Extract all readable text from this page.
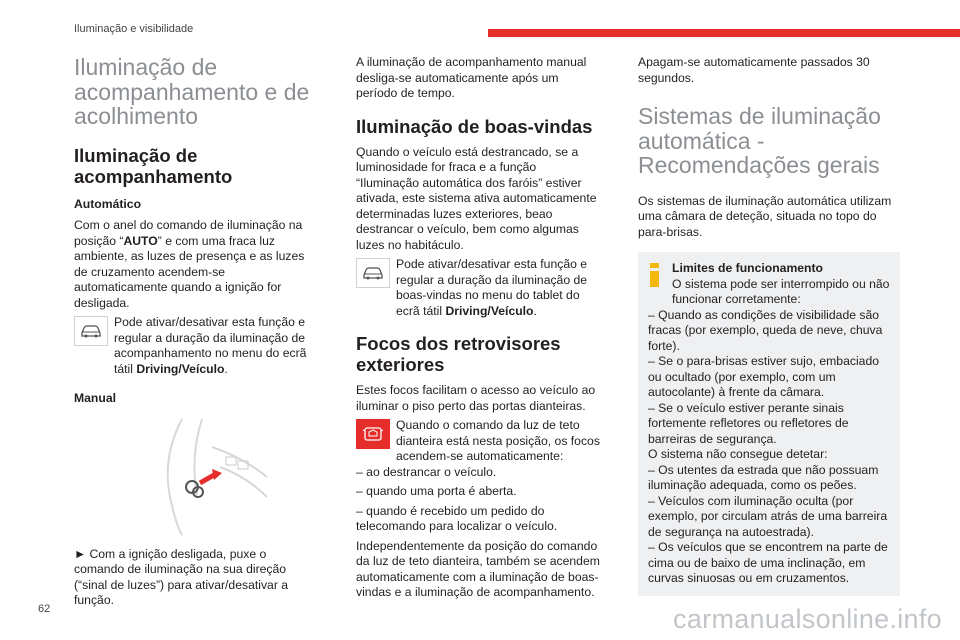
Iluminação e visibilidade
Iluminação de acompanhamento e de acolhimento
Iluminação de acompanhamento
Automático

Com o anel do comando de iluminação na posição “AUTO” e com uma fraca luz ambiente, as luzes de presença e as luzes de cruzamento acendem-se automaticamente quando a ignição for desligada.

Pode ativar/desativar esta função e regular a duração da iluminação de acompanhamento no menu do ecrã tátil Driving/Veículo.
Manual

► Com a ignição desligada, puxe o comando de iluminação na sua direção (“sinal de luzes”) para ativar/desativar a função.

A iluminação de acompanhamento manual desliga-se automaticamente após um período de tempo.

Iluminação de boas-vindas

Quando o veículo está destrancado, se a luminosidade for fraca e a função “Iluminação automática dos faróis” estiver ativada, este sistema ativa automaticamente determinadas luzes exteriores, beao destrancar o veículo, bem como algumas luzes no habitáculo.

Pode ativar/desativar esta função e regular a duração da iluminação de boas-vindas no menu do tablet do ecrã tátil Driving/Veículo.
Focos dos retrovisores exteriores

Estes focos facilitam o acesso ao veículo ao iluminar o piso perto das portas dianteiras.

Quando o comando da luz de teto dianteira está nesta posição, os focos acendem-se automaticamente:

– ao destrancar o veículo.

– quando uma porta é aberta.

– quando é recebido um pedido do telecomando para localizar o veículo.

Independentemente da posição do comando da luz de teto dianteira, também se acendem automaticamente com a iluminação de boas-vindas e a iluminação de acompanhamento.

Apagam-se automaticamente passados 30 segundos.

Sistemas de iluminação automática - Recomendações gerais

Os sistemas de iluminação automática utilizam uma câmara de deteção, situada no topo do para-brisas.

Limites de funcionamento
O sistema pode ser interrompido ou não funcionar corretamente:
– Quando as condições de visibilidade são fracas (por exemplo, queda de neve, chuva forte).
– Se o para-brisas estiver sujo, embaciado ou ocultado (por exemplo, com um autocolante) à frente da câmara.
– Se o veículo estiver perante sinais fortemente refletores ou refletores de barreiras de segurança.
O sistema não consegue detetar:
– Os utentes da estrada que não possuam iluminação adequada, como os peões.
– Veículos com iluminação oculta (por exemplo, por circulam atrás de uma barreira de segurança na autoestrada).
– Os veículos que se encontrem na parte de cima ou de baixo de uma inclinação, em curvas sinuosas ou em cruzamentos.
62	carmanualsonline.info
